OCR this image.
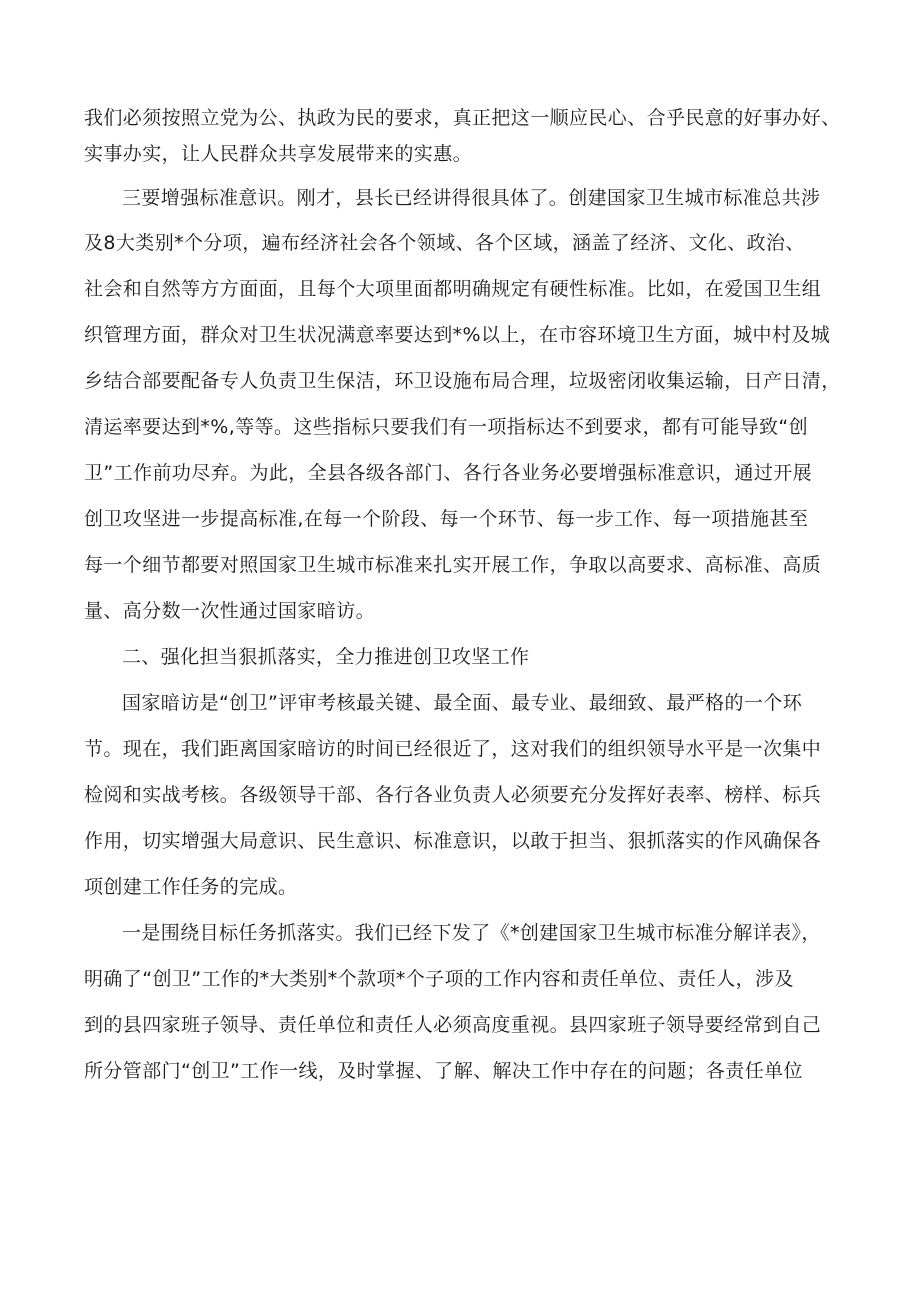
我们必须按照立党为公、执政为民的要求，真正把这一顺应民心、合乎民意的好事办好、
实事办实，让人民群众共享发展带来的实惠。
三要增强标准意识。刚才，县长已经讲得很具体了。创建国家卫生城市标准总共涉
及8大类别*个分项，遍布经济社会各个领域、各个区域，涵盖了经济、文化、政治、
社会和自然等方方面面，且每个大项里面都明确规定有硬性标准。比如，在爱国卫生组
织管理方面，群众对卫生状况满意率要达到*%以上，在市容环境卫生方面，城中村及城
乡结合部要配备专人负责卫生保洁，环卫设施布局合理，垃圾密闭收集运输，日产日清，
清运率要达到*%,等等。这些指标只要我们有一项指标达不到要求，都有可能导致“创
卫”工作前功尽弃。为此，全县各级各部门、各行各业务必要增强标准意识，通过开展
创卫攻坚进一步提高标准,在每一个阶段、每一个环节、每一步工作、每一项措施甚至
每一个细节都要对照国家卫生城市标准来扎实开展工作，争取以高要求、高标准、高质
量、高分数一次性通过国家暗访。
二、强化担当狠抓落实，全力推进创卫攻坚工作
国家暗访是“创卫”评审考核最关键、最全面、最专业、最细致、最严格的一个环
节。现在，我们距离国家暗访的时间已经很近了，这对我们的组织领导水平是一次集中
检阅和实战考核。各级领导干部、各行各业负责人必须要充分发挥好表率、榜样、标兵
作用，切实增强大局意识、民生意识、标准意识，以敢于担当、狠抓落实的作风确保各
项创建工作任务的完成。
一是围绕目标任务抓落实。我们已经下发了《*创建国家卫生城市标准分解详表》，
明确了“创卫”工作的*大类别*个款项*个子项的工作内容和责任单位、责任人，涉及
到的县四家班子领导、责任单位和责任人必须高度重视。县四家班子领导要经常到自己
所分管部门“创卫”工作一线，及时掌握、了解、解决工作中存在的问题；各责任单位
